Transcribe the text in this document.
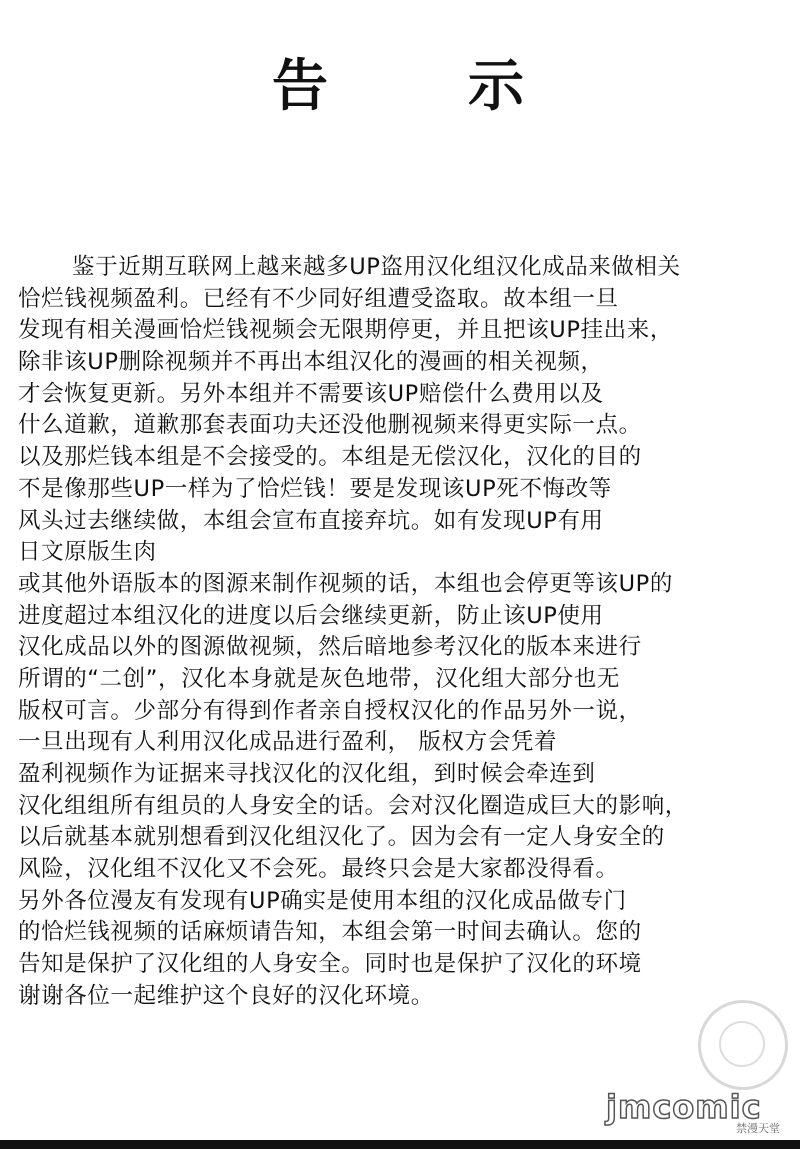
告	示
鉴于近期互联网上越来越多UP盗用汉化组汉化成品来做相关
恰烂钱视频盈利。已经有不少同好组遭受盗取。故本组一旦
发现有相关漫画恰烂钱视频会无限期停更，并且把该UP挂出来，
除非该UP删除视频并不再出本组汉化的漫画的相关视频，
才会恢复更新。另外本组并不需要该UP赔偿什么费用以及
什么道歉，道歉那套表面功夫还没他删视频来得更实际一点。
以及那烂钱本组是不会接受的。本组是无偿汉化，汉化的目的
不是像那些UP一样为了恰烂钱！要是发现该UP死不悔改等
风头过去继续做，本组会宣布直接弃坑。如有发现UP有用
日文原版生肉
或其他外语版本的图源来制作视频的话，本组也会停更等该UP的
进度超过本组汉化的进度以后会继续更新，防止该UP使用
汉化成品以外的图源做视频，然后暗地参考汉化的版本来进行
所谓的“二创”，汉化本身就是灰色地带，汉化组大部分也无
版权可言。少部分有得到作者亲自授权汉化的作品另外一说，
一旦出现有人利用汉化成品进行盈利， 版权方会凭着
盈利视频作为证据来寻找汉化的汉化组，到时候会牵连到
汉化组组所有组员的人身安全的话。会对汉化圈造成巨大的影响，
以后就基本就别想看到汉化组汉化了。因为会有一定人身安全的
风险，汉化组不汉化又不会死。最终只会是大家都没得看。
另外各位漫友有发现有UP确实是使用本组的汉化成品做专门
的恰烂钱视频的话麻烦请告知，本组会第一时间去确认。您的
告知是保护了汉化组的人身安全。同时也是保护了汉化的环境
谢谢各位一起维护这个良好的汉化环境。
jmcomic
禁漫天堂
